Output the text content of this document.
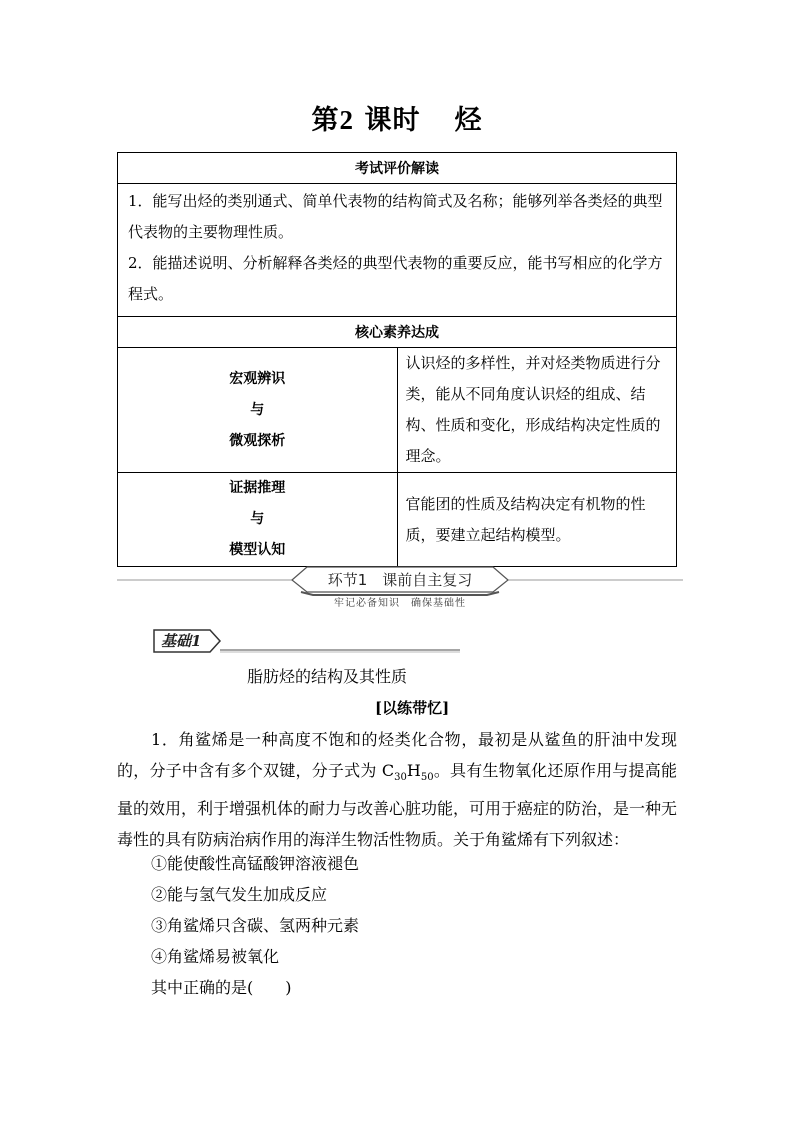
第2 课时 烃
考试评价解读	

1．能写出烃的类别通式、简单代表物的结构简式及名称；能够列举各类烃的典型代表物的主要物理性质。

2．能描述说明、分析解释各类烃的典型代表物的重要反应，能书写相应的化学方程式。	

核心素养达成	

宏观辨识
与
微观探析	认识烃的多样性，并对烃类物质进行分类，能从不同角度认识烃的组成、结构、性质和变化，形成结构决定性质的理念。

证据推理
与
模型认知	官能团的性质及结构决定有机物的性质，要建立起结构模型。
环节1　课前自主复习
牢记必备知识　确保基础性
基础1
脂肪烃的结构及其性质
[以练带忆]
1．角鲨烯是一种高度不饱和的烃类化合物，最初是从鲨鱼的肝油中发现的，分子中含有多个双键，分子式为 $C_{30}H_{50}$。具有生物氧化还原作用与提高能量的效用，利于增强机体的耐力与改善心脏功能，可用于癌症的防治，是一种无毒性的具有防病治病作用的海洋生物活性物质。关于角鲨烯有下列叙述：
①能使酸性高锰酸钾溶液褪色
②能与氢气发生加成反应
③角鲨烯只含碳、氢两种元素
④角鲨烯易被氧化
其中正确的是(　　)
